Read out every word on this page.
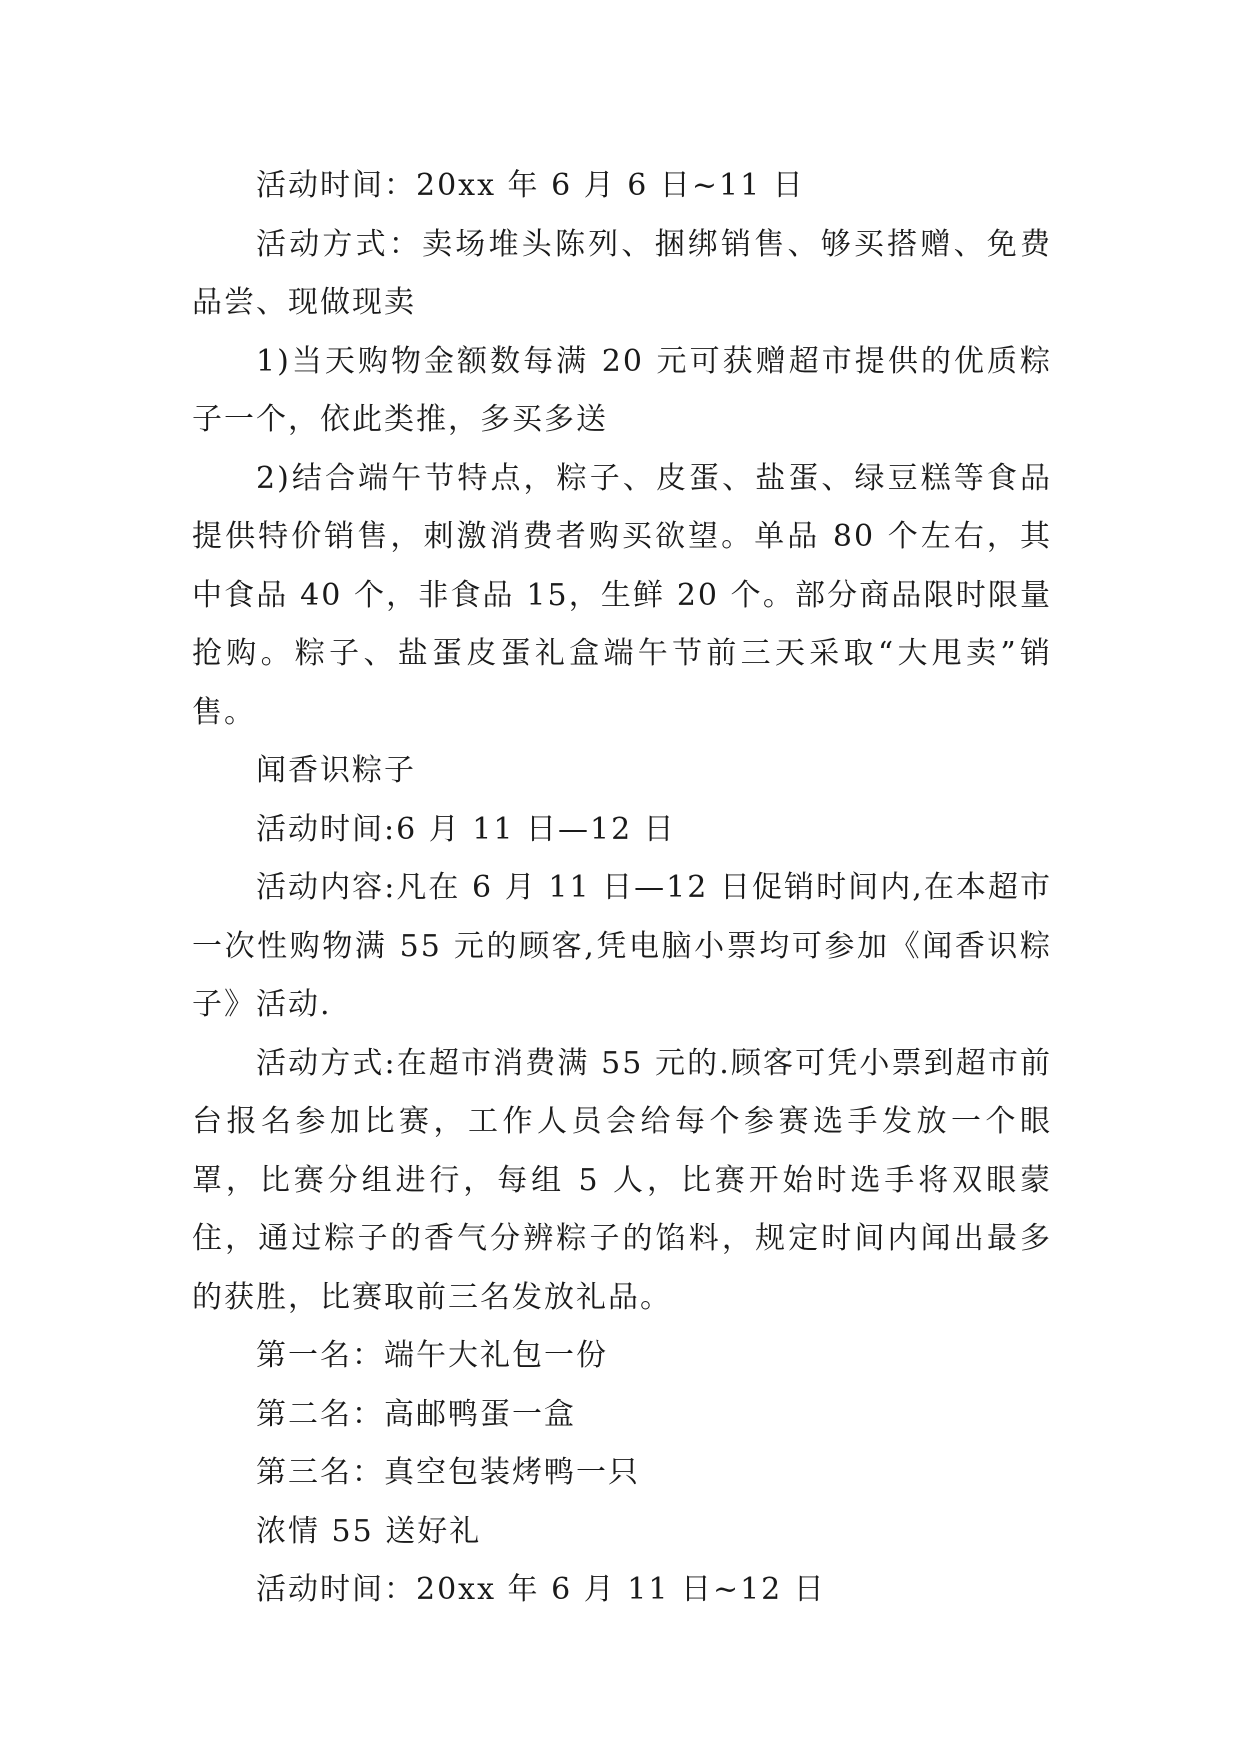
活动时间：20xx 年 6 月 6 日~11 日

活动方式：卖场堆头陈列、捆绑销售、够买搭赠、免费品尝、现做现卖

1)当天购物金额数每满 20 元可获赠超市提供的优质粽子一个，依此类推，多买多送

2)结合端午节特点，粽子、皮蛋、盐蛋、绿豆糕等食品提供特价销售，刺激消费者购买欲望。单品 80 个左右，其中食品 40 个，非食品 15，生鲜 20 个。部分商品限时限量抢购。粽子、盐蛋皮蛋礼盒端午节前三天采取“大甩卖”销售。

闻香识粽子

活动时间:6 月 11 日—12 日

活动内容:凡在 6 月 11 日—12 日促销时间内,在本超市一次性购物满 55 元的顾客,凭电脑小票均可参加《闻香识粽子》活动.

活动方式:在超市消费满 55 元的.顾客可凭小票到超市前台报名参加比赛，工作人员会给每个参赛选手发放一个眼罩，比赛分组进行，每组 5 人，比赛开始时选手将双眼蒙住，通过粽子的香气分辨粽子的馅料，规定时间内闻出最多的获胜，比赛取前三名发放礼品。

第一名：端午大礼包一份

第二名：高邮鸭蛋一盒

第三名：真空包装烤鸭一只

浓情 55 送好礼

活动时间：20xx 年 6 月 11 日~12 日
